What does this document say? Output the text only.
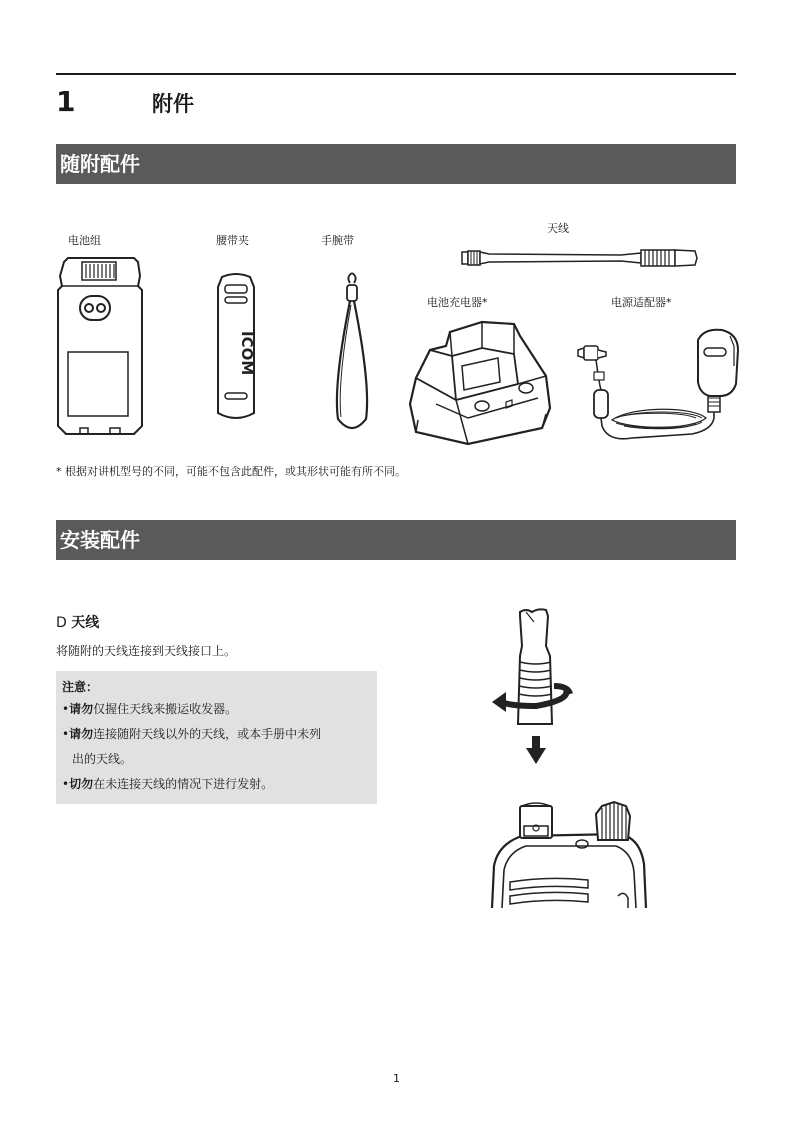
1	附件
随附配件
电池组	腰带夹	手腕带
天线
电池充电器*	电源适配器*
ICOM
* 根据对讲机型号的不同，可能不包含此配件，或其形状可能有所不同。
安装配件
D 天线
将随附的天线连接到天线接口上。
注意：
•请勿仅握住天线来搬运收发器。
•请勿连接随附天线以外的天线，或本手册中未列
出的天线。
•切勿在未连接天线的情况下进行发射。
1
